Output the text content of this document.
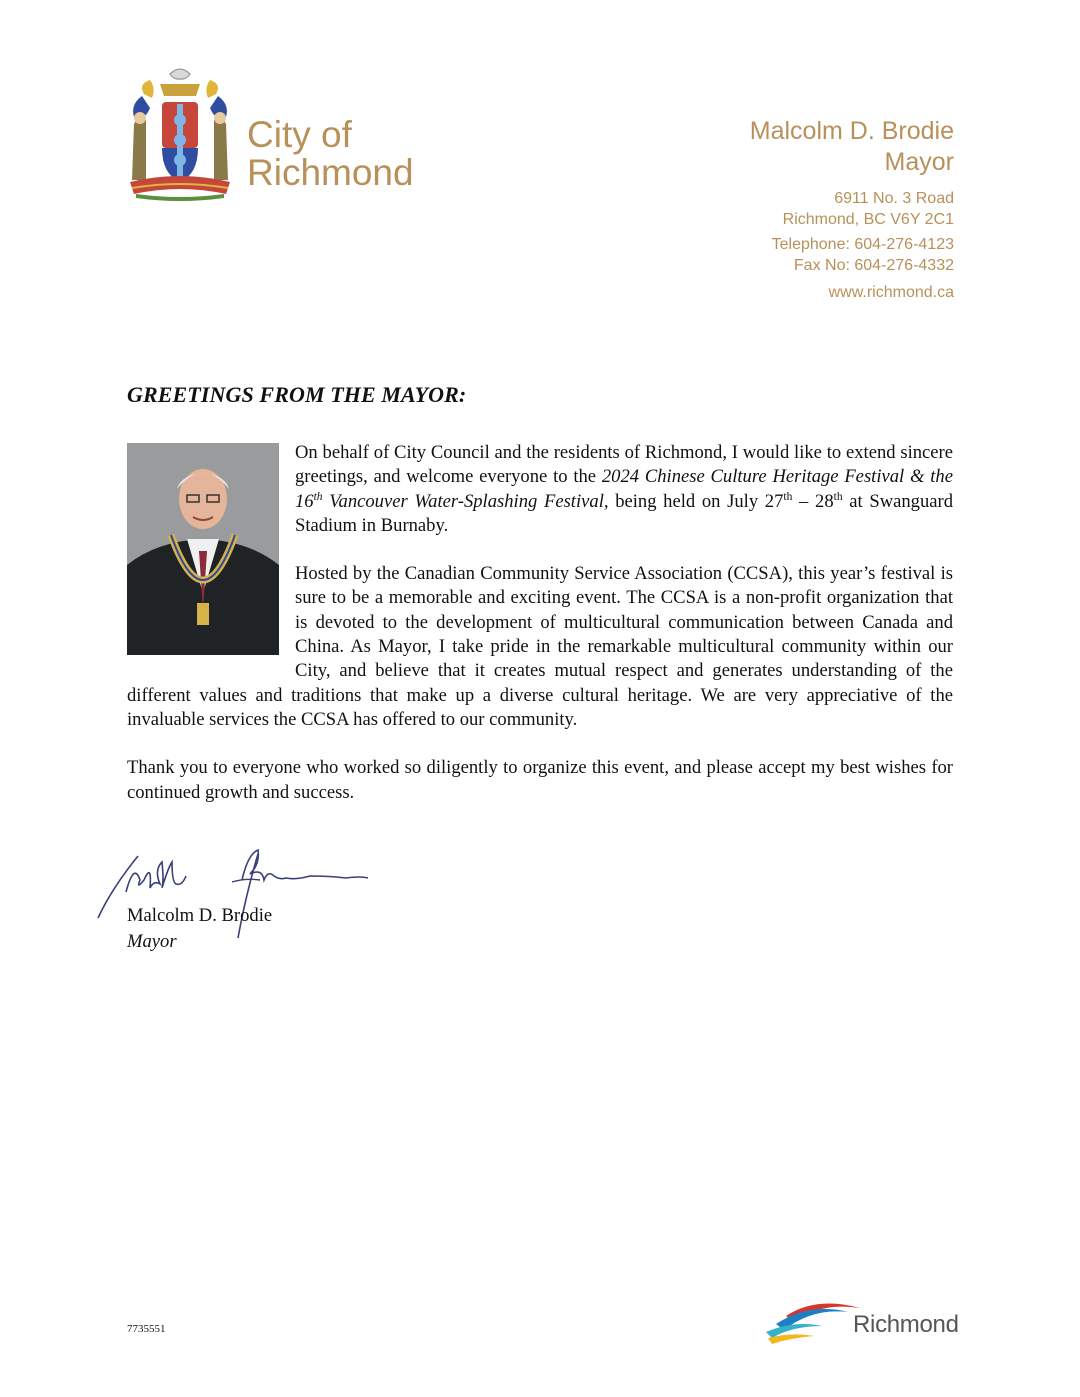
City of
Richmond
Malcolm D. Brodie
Mayor
6911 No. 3 Road
Richmond, BC V6Y 2C1
Telephone: 604-276-4123
Fax No: 604-276-4332
www.richmond.ca
GREETINGS FROM THE MAYOR:

On behalf of City Council and the residents of Richmond, I would like to extend sincere greetings, and welcome everyone to the 2024 Chinese Culture Heritage Festival & the 16th Vancouver Water-Splashing Festival, being held on July 27th – 28th at Swanguard Stadium in Burnaby.

Hosted by the Canadian Community Service Association (CCSA), this year’s festival is sure to be a memorable and exciting event. The CCSA is a non-profit organization that is devoted to the development of multicultural communication between Canada and China. As Mayor, I take pride in the remarkable multicultural community within our City, and believe that it creates mutual respect and generates understanding of the different values and traditions that make up a diverse cultural heritage. We are very appreciative of the invaluable services the CCSA has offered to our community.

Thank you to everyone who worked so diligently to organize this event, and please accept my best wishes for continued growth and success.

Malcolm D. Brodie
Mayor
7735551	Richmond
